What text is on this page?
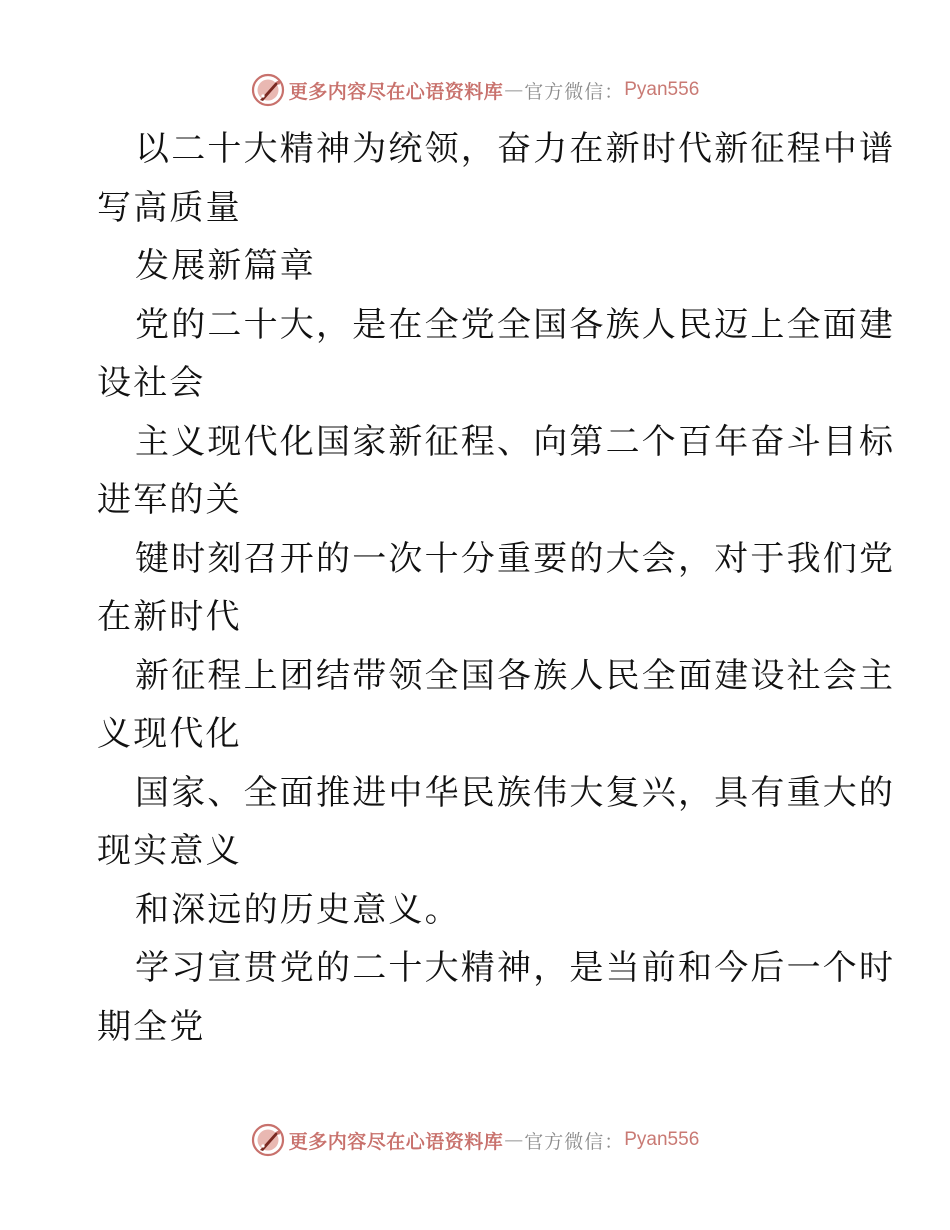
更多内容尽在心语资料库 — 官方微信： Pyan556
以二十大精神为统领，奋力在新时代新征程中谱
写高质量
发展新篇章
党的二十大，是在全党全国各族人民迈上全面建
设社会
主义现代化国家新征程、向第二个百年奋斗目标
进军的关
键时刻召开的一次十分重要的大会，对于我们党
在新时代
新征程上团结带领全国各族人民全面建设社会主
义现代化
国家、全面推进中华民族伟大复兴，具有重大的
现实意义
和深远的历史意义。
学习宣贯党的二十大精神，是当前和今后一个时
期全党
更多内容尽在心语资料库 — 官方微信： Pyan556
